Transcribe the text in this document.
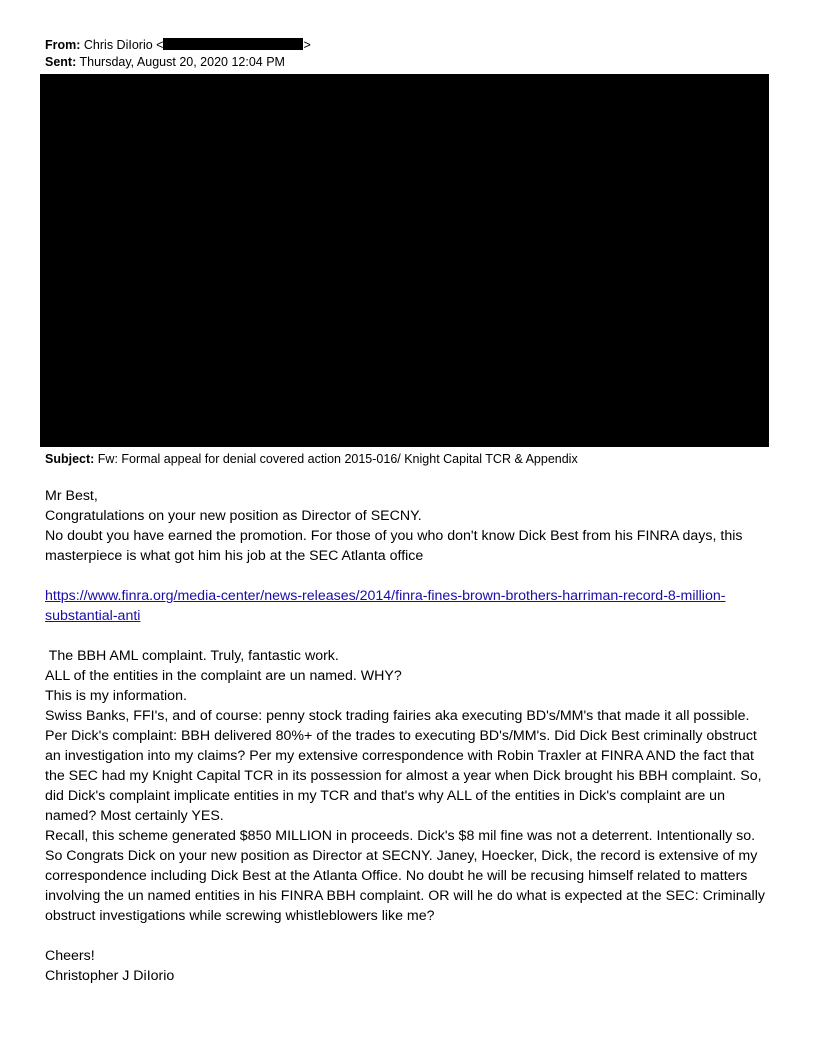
From: Chris DiIorio <	>
Sent: Thursday, August 20, 2020 12:04 PM
Subject: Fw: Formal appeal for denial covered action 2015-016/ Knight Capital TCR & Appendix

Mr Best,

Congratulations on your new position as Director of SECNY.

No doubt you have earned the promotion. For those of you who don't know Dick Best from his FINRA days, this masterpiece is what got him his job at the SEC Atlanta office

https://www.finra.org/media-center/news-releases/2014/finra-fines-brown-brothers-harriman-record-8-million-substantial-anti

The BBH AML complaint. Truly, fantastic work.

ALL of the entities in the complaint are un named. WHY?

This is my information.

Swiss Banks, FFI's, and of course: penny stock trading fairies aka executing BD's/MM's that made it all possible.

Per Dick's complaint: BBH delivered 80%+ of the trades to executing BD's/MM's. Did Dick Best criminally obstruct an investigation into my claims? Per my extensive correspondence with Robin Traxler at FINRA AND the fact that the SEC had my Knight Capital TCR in its possession for almost a year when Dick brought his BBH complaint. So, did Dick's complaint implicate entities in my TCR and that's why ALL of the entities in Dick's complaint are un named? Most certainly YES.

Recall, this scheme generated $850 MILLION in proceeds. Dick's $8 mil fine was not a deterrent. Intentionally so.

So Congrats Dick on your new position as Director at SECNY. Janey, Hoecker, Dick, the record is extensive of my correspondence including Dick Best at the Atlanta Office. No doubt he will be recusing himself related to matters involving the un named entities in his FINRA BBH complaint. OR will he do what is expected at the SEC: Criminally obstruct investigations while screwing whistleblowers like me?

Cheers!

Christopher J DiIorio
